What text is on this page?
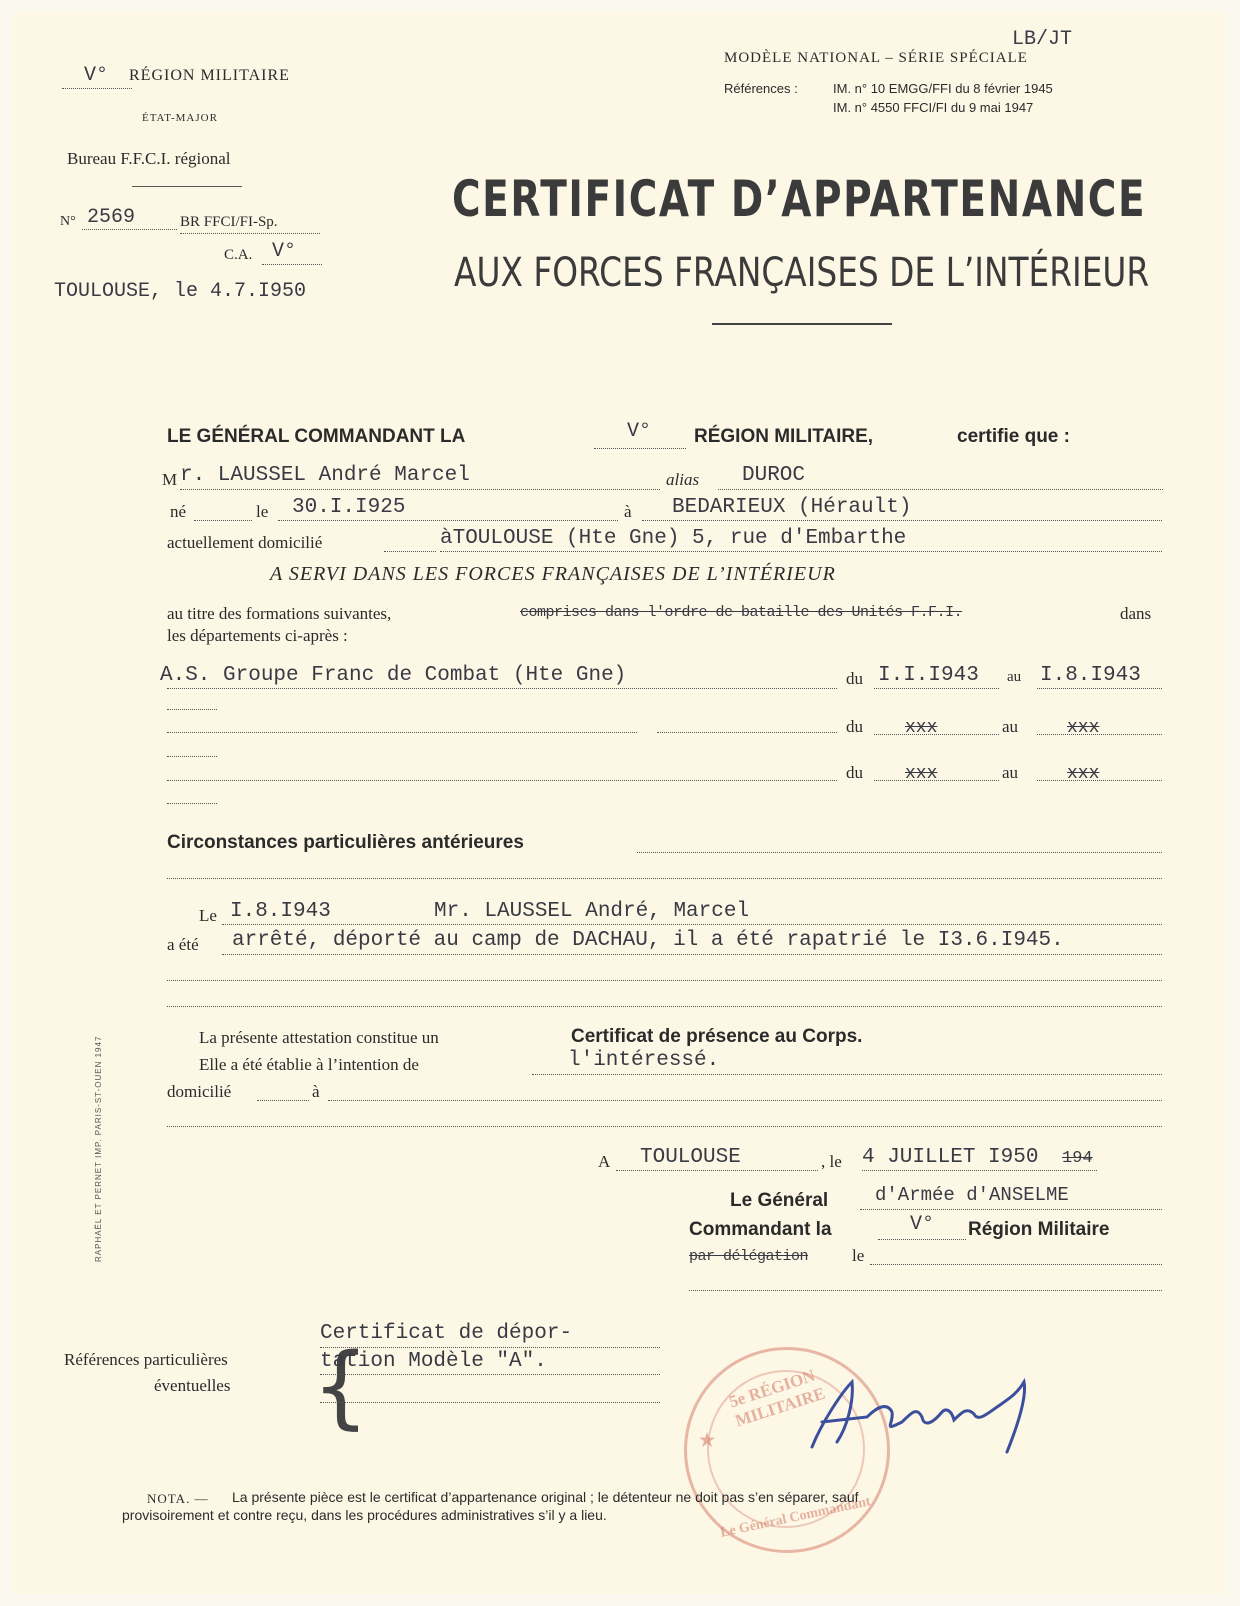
V° RÉGION MILITAIRE
ÉTAT-MAJOR
Bureau F.F.C.I. régional
N° 2569	BR FFCI/FI-Sp.
C.A. V°
TOULOUSE, le 4.7.I950
LB/JT
MODÈLE NATIONAL – SÉRIE SPÉCIALE
Références :	IM. n° 10 EMGG/FFI du 8 février 1945
IM. n° 4550 FFCI/FI du 9 mai 1947
CERTIFICAT D’APPARTENANCE
AUX FORCES FRANÇAISES DE L’INTÉRIEUR
LE GÉNÉRAL COMMANDANT LA	V° RÉGION MILITAIRE,	certifie que :
M r. LAUSSEL André Marcel	alias DUROC
né	le 30.I.I925	à BEDARIEUX (Hérault)
actuellement domicilié	àTOULOUSE (Hte Gne) 5, rue d'Embarthe
A SERVI DANS LES FORCES FRANÇAISES DE L’INTÉRIEUR
au titre des formations suivantes,	comprises dans l'ordre de bataille des Unités F.F.I.	dans
les départements ci-après :
A.S. Groupe Franc de Combat (Hte Gne)	du I.I.I943 au I.8.I943
du xxx	au	xxx
du xxx	au	xxx
Circonstances particulières antérieures
Le I.8.I943	Mr. LAUSSEL André, Marcel
a été arrêté, déporté au camp de DACHAU, il a été rapatrié le I3.6.I945.
La présente attestation constitue un	Certificat de présence au Corps.
Elle a été établie à l’intention de	l'intéressé.
domicilié	à
A TOULOUSE	, le 4 JUILLET I950 194
Le Général d'Armée d'ANSELME
Commandant la	V° Région Militaire
par délégation	le
5e RÉGION MILITAIRE
Le Général Commandant
★
Références particulières
éventuelles {
Certificat de dépor-
tation Modèle "A".
NOTA. — La présente pièce est le certificat d’appartenance original ; le détenteur ne doit pas s’en séparer, sauf
provisoirement et contre reçu, dans les procédures administratives s’il y a lieu.
RAPHAËL ET PERNET IMP. PARIS-ST-OUEN 1947
